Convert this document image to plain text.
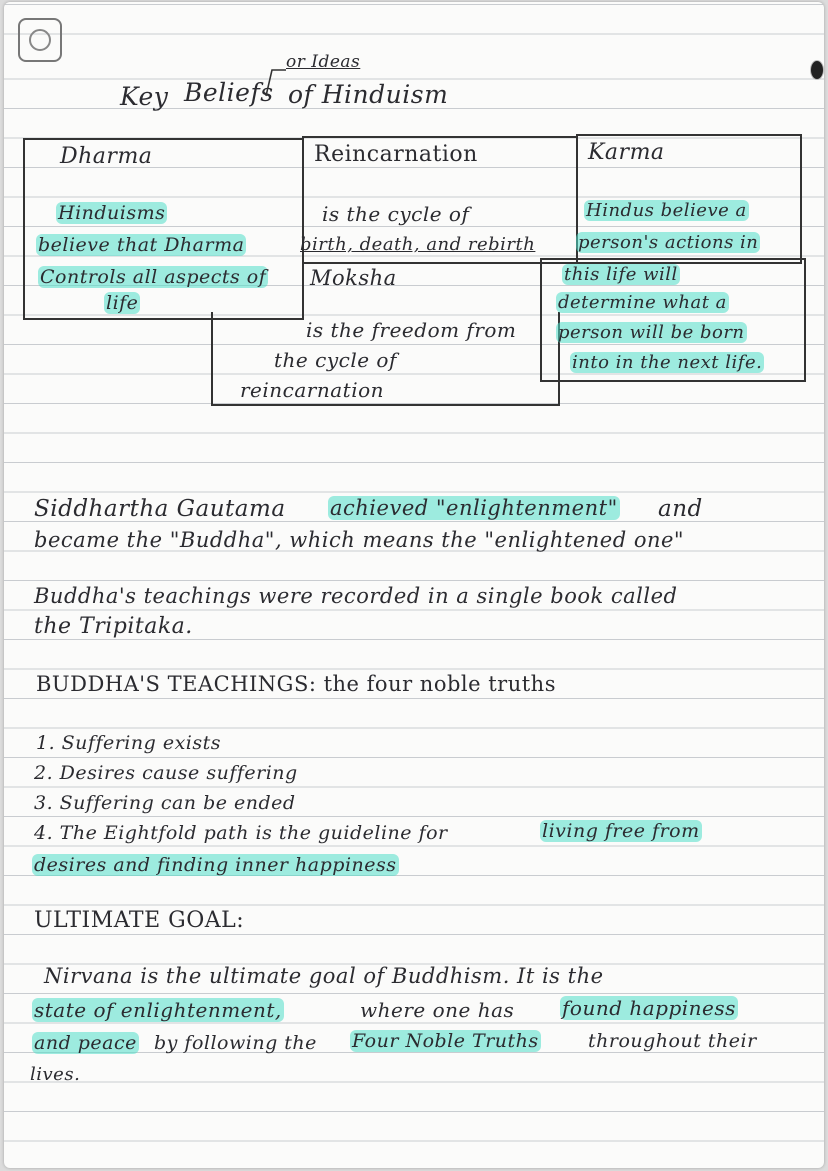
Key Beliefs of Hinduism
or Ideas
Dharma
Hinduisms
believe that Dharma
Controls all aspects of
life
Reincarnation
is the cycle of
birth, death, and rebirth
Karma
Hindus believe a
person's actions in
this life will
determine what a
person will be born
into in the next life.
Moksha
is the freedom from
the cycle of
reincarnation
Siddhartha Gautama achieved "enlightenment" and
became the "Buddha", which means the "enlightened one"
Buddha's teachings were recorded in a single book called
the Tripitaka.
BUDDHA'S TEACHINGS: the four noble truths
1. Suffering exists
2. Desires cause suffering
3. Suffering can be ended
4. The Eightfold path is the guideline for	living free from
desires and finding inner happiness
ULTIMATE GOAL:
Nirvana is the ultimate goal of Buddhism. It is the
state of enlightenment,	where one has found happiness
and peace by following the Four Noble Truths	throughout their
lives.
